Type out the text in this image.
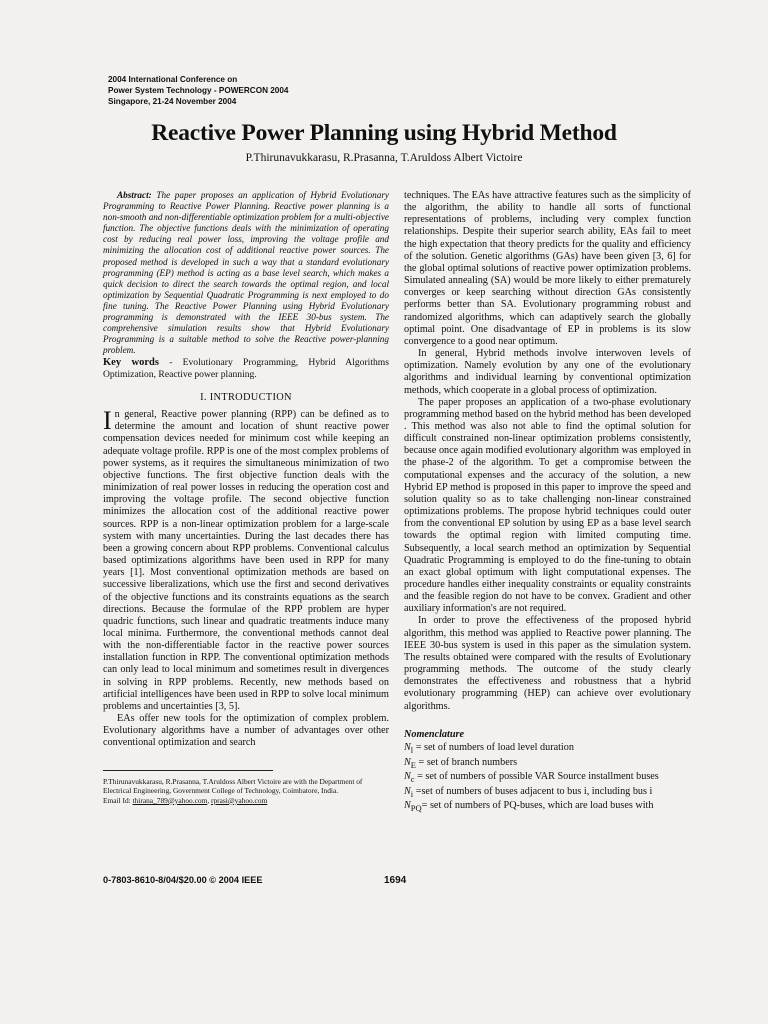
2004 International Conference on
Power System Technology - POWERCON 2004
Singapore, 21-24 November 2004
Reactive Power Planning using Hybrid Method
P.Thirunavukkarasu, R.Prasanna, T.Aruldoss Albert Victoire

Abstract: The paper proposes an application of Hybrid Evolutionary Programming to Reactive Power Planning. Reactive power planning is a non-smooth and non-differentiable optimization problem for a multi-objective function. The objective functions deals with the minimization of operating cost by reducing real power loss, improving the voltage profile and minimizing the allocation cost of additional reactive power sources. The proposed method is developed in such a way that a standard evolutionary programming (EP) method is acting as a base level search, which makes a quick decision to direct the search towards the optimal region, and local optimization by Sequential Quadratic Programming is next employed to do fine tuning. The Reactive Power Planning using Hybrid Evolutionary programming is demonstrated with the IEEE 30-bus system. The comprehensive simulation results show that Hybrid Evolutionary Programming is a suitable method to solve the Reactive power-planning problem.

Key words - Evolutionary Programming, Hybrid Algorithms Optimization, Reactive power planning.

I. INTRODUCTION

In general, Reactive power planning (RPP) can be defined as to determine the amount and location of shunt reactive power compensation devices needed for minimum cost while keeping an adequate voltage profile. RPP is one of the most complex problems of power systems, as it requires the simultaneous minimization of two objective functions. The first objective function deals with the minimization of real power losses in reducing the operation cost and improving the voltage profile. The second objective function minimizes the allocation cost of the additional reactive power sources. RPP is a non-linear optimization problem for a large-scale system with many uncertainties. During the last decades there has been a growing concern about RPP problems. Conventional calculus based optimizations algorithms have been used in RPP for many years [1]. Most conventional optimization methods are based on successive liberalizations, which use the first and second derivatives of the objective functions and its constraints equations as the search directions. Because the formulae of the RPP problem are hyper quadric functions, such linear and quadratic treatments induce many local minima. Furthermore, the conventional methods cannot deal with the non-differentiable factor in the reactive power sources installation function in RPP. The conventional optimization methods can only lead to local minimum and sometimes result in divergences in solving in RPP problems. Recently, new methods based on artificial intelligences have been used in RPP to solve local minimum problems and uncertainties [3, 5].

EAs offer new tools for the optimization of complex problem. Evolutionary algorithms have a number of advantages over other conventional optimization and search

P.Thirunavukkarasu, R.Prasanna, T.Aruldoss Albert Victoire are with the Department of Electrical Engineering, Government College of Technology, Coimbatore, India.
Email Id: thirana_789@yahoo.com, rprasi@yahoo.com

techniques. The EAs have attractive features such as the simplicity of the algorithm, the ability to handle all sorts of functional representations of problems, including very complex function relationships. Despite their superior search ability, EAs fail to meet the high expectation that theory predicts for the quality and efficiency of the solution. Genetic algorithms (GAs) have been given [3, 6] for the global optimal solutions of reactive power optimization problems. Simulated annealing (SA) would be more likely to either prematurely converges or keep searching without direction GAs consistently performs better than SA. Evolutionary programming robust and randomized algorithms, which can adaptively search the globally optimal point. One disadvantage of EP in problems is its slow convergence to a good near optimum.

In general, Hybrid methods involve interwoven levels of optimization. Namely evolution by any one of the evolutionary algorithms and individual learning by conventional optimization methods, which cooperate in a global process of optimization.

The paper proposes an application of a two-phase evolutionary programming method based on the hybrid method has been developed . This method was also not able to find the optimal solution for difficult constrained non-linear optimization problems consistently, because once again modified evolutionary algorithm was employed in the phase-2 of the algorithm. To get a compromise between the computational expenses and the accuracy of the solution, a new Hybrid EP method is proposed in this paper to improve the speed and solution quality so as to take challenging non-linear constrained optimizations problems. The propose hybrid techniques could outer from the conventional EP solution by using EP as a base level search towards the optimal region with limited computing time. Subsequently, a local search method an optimization by Sequential Quadratic Programming is employed to do the fine-tuning to obtain an exact global optimum with light computational expenses. The procedure handles either inequality constraints or equality constraints and the feasible region do not have to be convex. Gradient and other auxiliary information's are not required.

In order to prove the effectiveness of the proposed hybrid algorithm, this method was applied to Reactive power planning. The IEEE 30-bus system is used in this paper as the simulation system. The results obtained were compared with the results of Evolutionary programming methods. The outcome of the study clearly demonstrates the effectiveness and robustness that a hybrid evolutionary programming (HEP) can achieve over evolutionary algorithms.

Nomenclature
$N_l$ = set of numbers of load level duration
$N_E$ = set of branch numbers
$N_c$ = set of numbers of possible VAR Source installment buses
$N_i =set$ of numbers of buses adjacent to bus i, including bus i
$N_{PQ}=$ set of numbers of PQ-buses, which are load buses with
0-7803-8610-8/04/$20.00 © 2004 IEEE	1694
